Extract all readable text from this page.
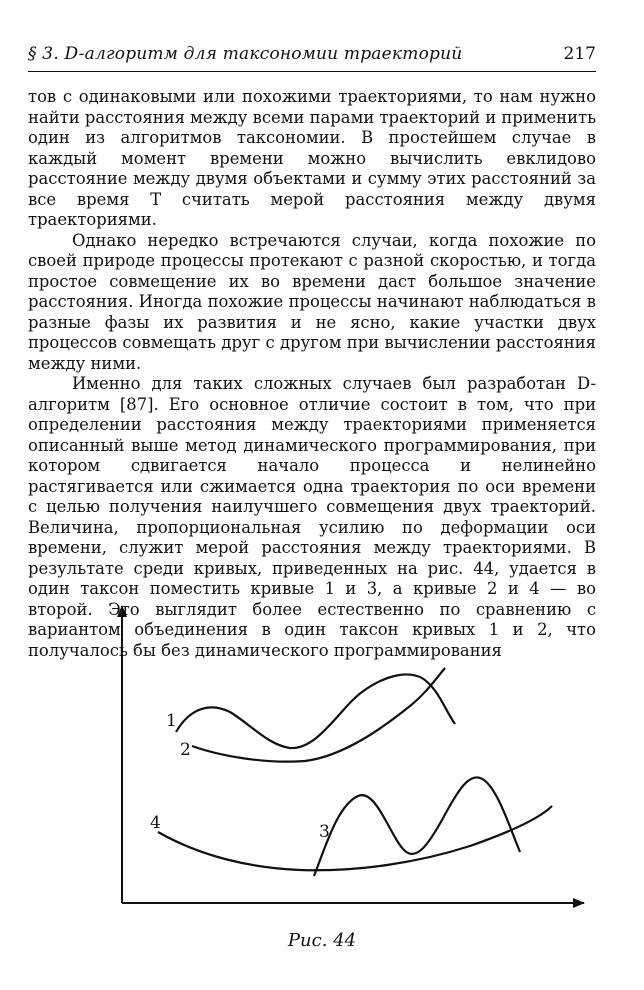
§ 3. D-алгоритм для таксономии траекторий	217

тов с одинаковыми или похожими траекториями, то нам нужно найти расстояния между всеми парами траекторий и применить один из алгоритмов таксономии. В простейшем случае в каждый момент времени можно вычислить евклидово расстояние между двумя объектами и сумму этих расстояний за все время T считать мерой расстояния между двумя траекториями.

Однако нередко встречаются случаи, когда похожие по своей природе процессы протекают с разной скоростью, и тогда простое совмещение их во времени даст большое значение расстояния. Иногда похожие процессы начинают наблюдаться в разные фазы их развития и не ясно, какие участки двух процессов совмещать друг с другом при вычислении расстояния между ними.

Именно для таких сложных случаев был разработан D-алгоритм [87]. Его основное отличие состоит в том, что при определении расстояния между траекториями применяется описанный выше метод динамического программирования, при котором сдвигается начало процесса и нелинейно растягивается или сжимается одна траектория по оси времени с целью получения наилучшего совмещения двух траекторий. Величина, пропорциональная усилию по деформации оси времени, служит мерой расстояния между траекториями. В результате среди кривых, приведенных на рис. 44, удается в один таксон поместить кривые 1 и 3, а кривые 2 и 4 — во второй. Это выглядит более естественно по сравнению с вариантом объединения в один таксон кривых 1 и 2, что получалось бы без динамического программирования

1
2
4	3
Рис. 44
